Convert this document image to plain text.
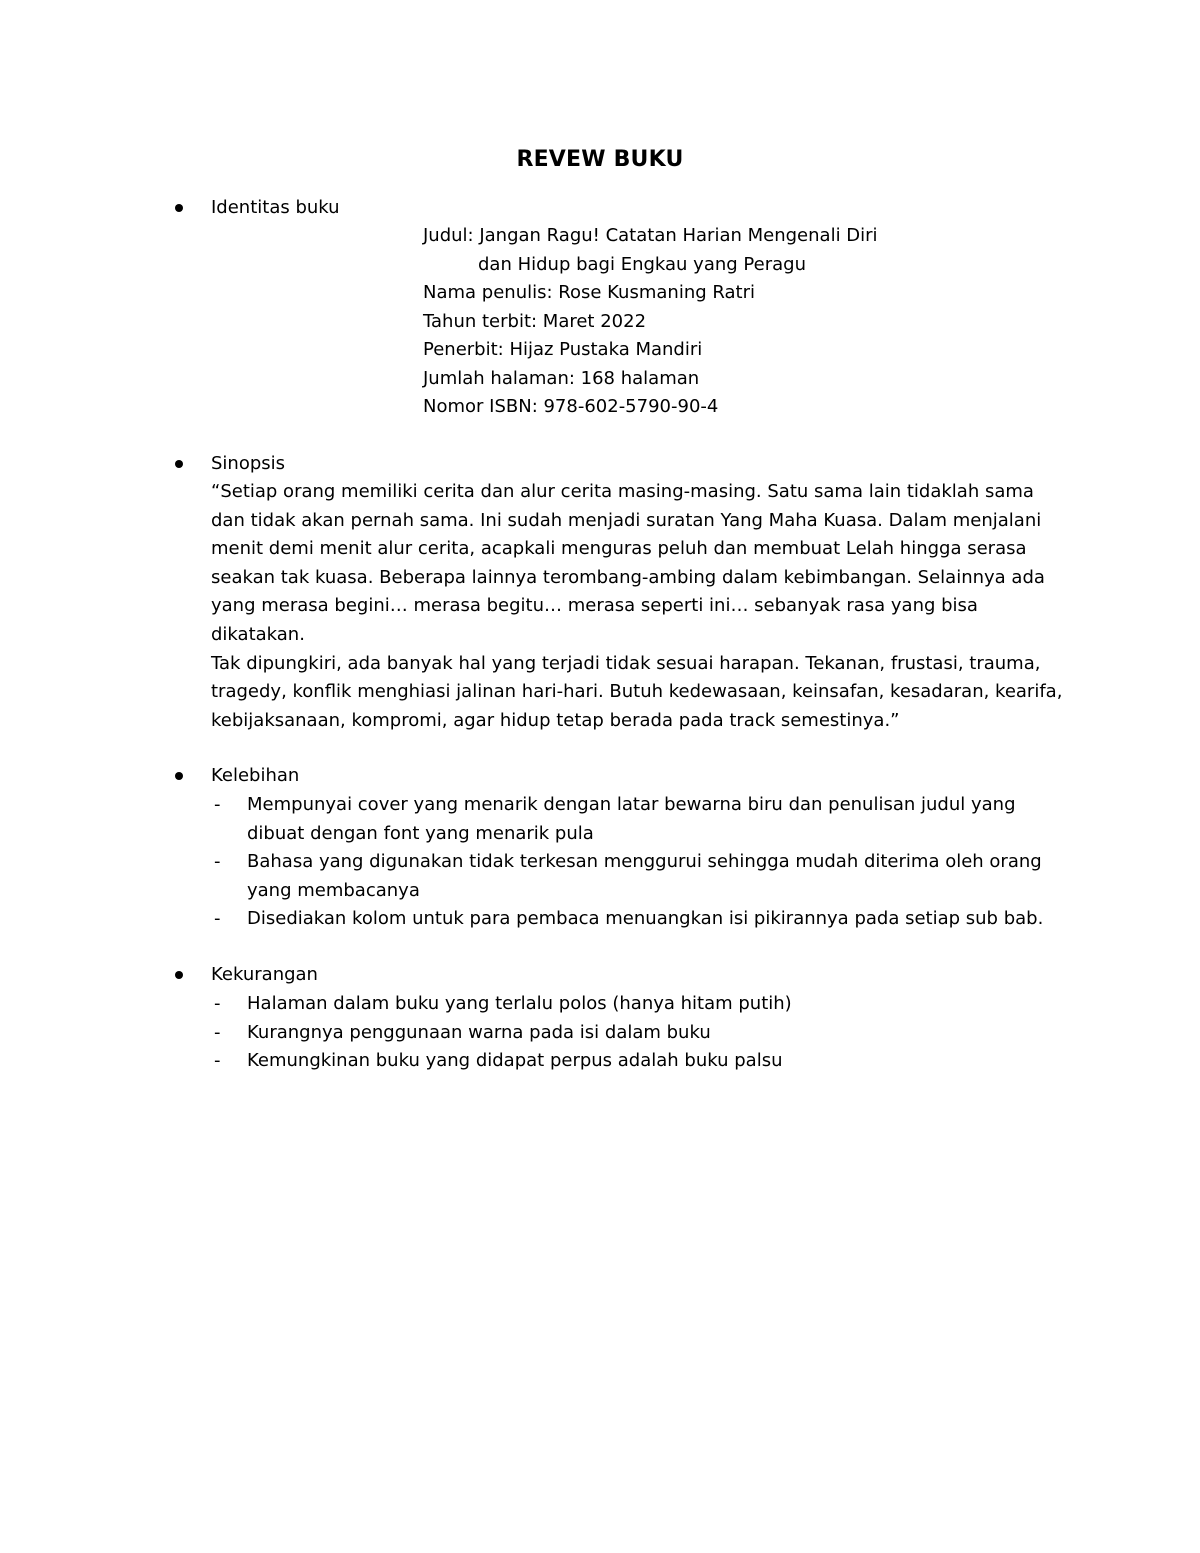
REVEW BUKU
Identitas buku
Judul: Jangan Ragu! Catatan Harian Mengenali Diri
dan Hidup bagi Engkau yang Peragu
Nama penulis: Rose Kusmaning Ratri
Tahun terbit: Maret 2022
Penerbit: Hijaz Pustaka Mandiri
Jumlah halaman: 168 halaman
Nomor ISBN: 978-602-5790-90-4
Sinopsis

“Setiap orang memiliki cerita dan alur cerita masing-masing. Satu sama lain tidaklah sama dan tidak akan pernah sama. Ini sudah menjadi suratan Yang Maha Kuasa. Dalam menjalani menit demi menit alur cerita, acapkali menguras peluh dan membuat Lelah hingga serasa seakan tak kuasa. Beberapa lainnya terombang-ambing dalam kebimbangan. Selainnya ada yang merasa begini… merasa begitu… merasa seperti ini… sebanyak rasa yang bisa dikatakan.

Tak dipungkiri, ada banyak hal yang terjadi tidak sesuai harapan. Tekanan, frustasi, trauma, tragedy, konflik menghiasi jalinan hari-hari. Butuh kedewasaan, keinsafan, kesadaran, kearifa, kebijaksanaan, kompromi, agar hidup tetap berada pada track semestinya.”

Kelebihan
- Mempunyai cover yang menarik dengan latar bewarna biru dan penulisan judul yang dibuat dengan font yang menarik pula
- Bahasa yang digunakan tidak terkesan menggurui sehingga mudah diterima oleh orang yang membacanya
- Disediakan kolom untuk para pembaca menuangkan isi pikirannya pada setiap sub bab.
Kekurangan
- Halaman dalam buku yang terlalu polos (hanya hitam putih)
- Kurangnya penggunaan warna pada isi dalam buku
- Kemungkinan buku yang didapat perpus adalah buku palsu
